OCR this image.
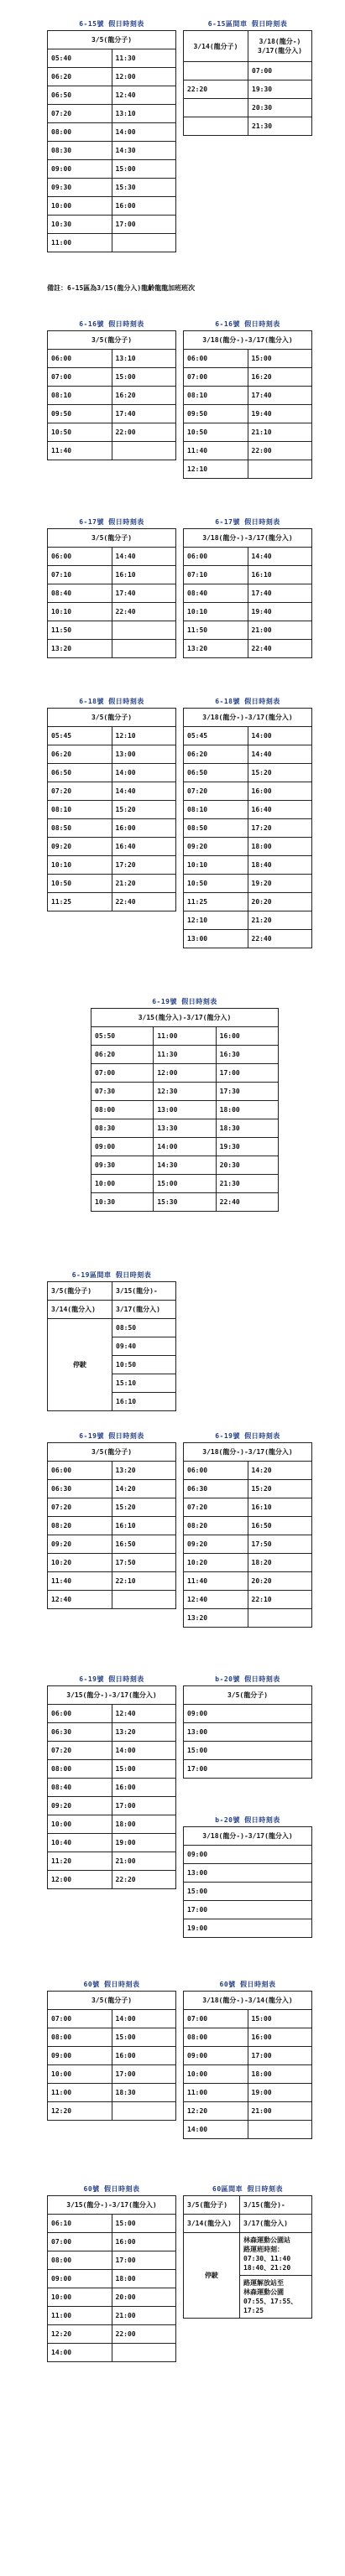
6-15號 假日時刻表
3/5(龍分子)	
05:40	11:30
06:20	12:00
06:50	12:40
07:20	13:10
08:00	14:00
08:30	14:30
09:00	15:00
09:30	15:30
10:00	16:00
10:30	17:00
11:00	
6-15區間車 假日時刻表
3/14(龍分子)	3/18(龍分-)
3/17(龍分入)
	07:00
22:20	19:30
	20:30
	21:30
備註：6-15區為3/15(龍分入)龍齡龍龍加班班次
6-16號 假日時刻表
3/5(龍分子)	
06:00	13:10
07:00	15:00
08:10	16:20
09:50	17:40
10:50	22:00
11:40	
6-16號 假日時刻表
3/18(龍分-)-3/17(龍分入)	
06:00	15:00
07:00	16:20
08:10	17:40
09:50	19:40
10:50	21:10
11:40	22:00
12:10	
6-17號 假日時刻表
3/5(龍分子)	
06:00	14:40
07:10	16:10
08:40	17:40
10:10	22:40
11:50	
13:20	
6-17號 假日時刻表
3/18(龍分-)-3/17(龍分入)	
06:00	14:40
07:10	16:10
08:40	17:40
10:10	19:40
11:50	21:00
13:20	22:40
6-18號 假日時刻表
3/5(龍分子)	
05:45	12:10
06:20	13:00
06:50	14:00
07:20	14:40
08:10	15:20
08:50	16:00
09:20	16:40
10:10	17:20
10:50	21:20
11:25	22:40
6-18號 假日時刻表
3/18(龍分-)-3/17(龍分入)	
05:45	14:00
06:20	14:40
06:50	15:20
07:20	16:00
08:10	16:40
08:50	17:20
09:20	18:00
10:10	18:40
10:50	19:20
11:25	20:20
12:10	21:20
13:00	22:40
6-19號 假日時刻表
3/15(龍分入)-3/17(龍分入)		
05:50	11:00	16:00
06:20	11:30	16:30
07:00	12:00	17:00
07:30	12:30	17:30
08:00	13:00	18:00
08:30	13:30	18:30
09:00	14:00	19:30
09:30	14:30	20:30
10:00	15:00	21:30
10:30	15:30	22:40
6-19區間車 假日時刻表
3/5(龍分子)	3/15(龍分)-
3/14(龍分入)	3/17(龍分入)
停駛	08:50
	09:40
	10:50
	15:10
	16:10
6-19號 假日時刻表
3/5(龍分子)	
06:00	13:20
06:30	14:20
07:20	15:20
08:20	16:10
09:20	16:50
10:20	17:50
11:40	22:10
12:40	
6-19號 假日時刻表
3/18(龍分-)-3/17(龍分入)	
06:00	14:20
06:30	15:20
07:20	16:10
08:20	16:50
09:20	17:50
10:20	18:20
11:40	20:20
12:40	22:10
13:20	
6-19號 假日時刻表
3/15(龍分-)-3/17(龍分入)	
06:00	12:40
06:30	13:20
07:20	14:00
08:00	15:00
08:40	16:00
09:20	17:00
10:00	18:00
10:40	19:00
11:20	21:00
12:00	22:20
b-20號 假日時刻表
3/5(龍分子)
09:00
13:00
15:00
17:00
b-20號 假日時刻表
3/18(龍分-)-3/17(龍分入)
09:00
13:00
15:00
17:00
19:00
60號 假日時刻表
3/5(龍分子)	
07:00	14:00
08:00	15:00
09:00	16:00
10:00	17:00
11:00	18:30
12:20	
60號 假日時刻表
3/18(龍分-)-3/14(龍分入)	
07:00	15:00
08:00	16:00
09:00	17:00
10:00	18:00
11:00	19:00
12:20	21:00
14:00	
60號 假日時刻表
3/15(龍分-)-3/17(龍分入)	
06:10	15:00
07:00	16:00
08:00	17:00
09:00	18:00
10:00	20:00
11:00	21:00
12:20	22:00
14:00	
60區間車 假日時刻表
3/5(龍分子)	3/15(龍分)-
3/14(龍分入)	3/17(龍分入)
停駛	林森運動公園站
路運班時刻：
07:30、11:40
18:40、21:20
	路運解放站至
林森運動公園
07:55、17:55、
17:25
